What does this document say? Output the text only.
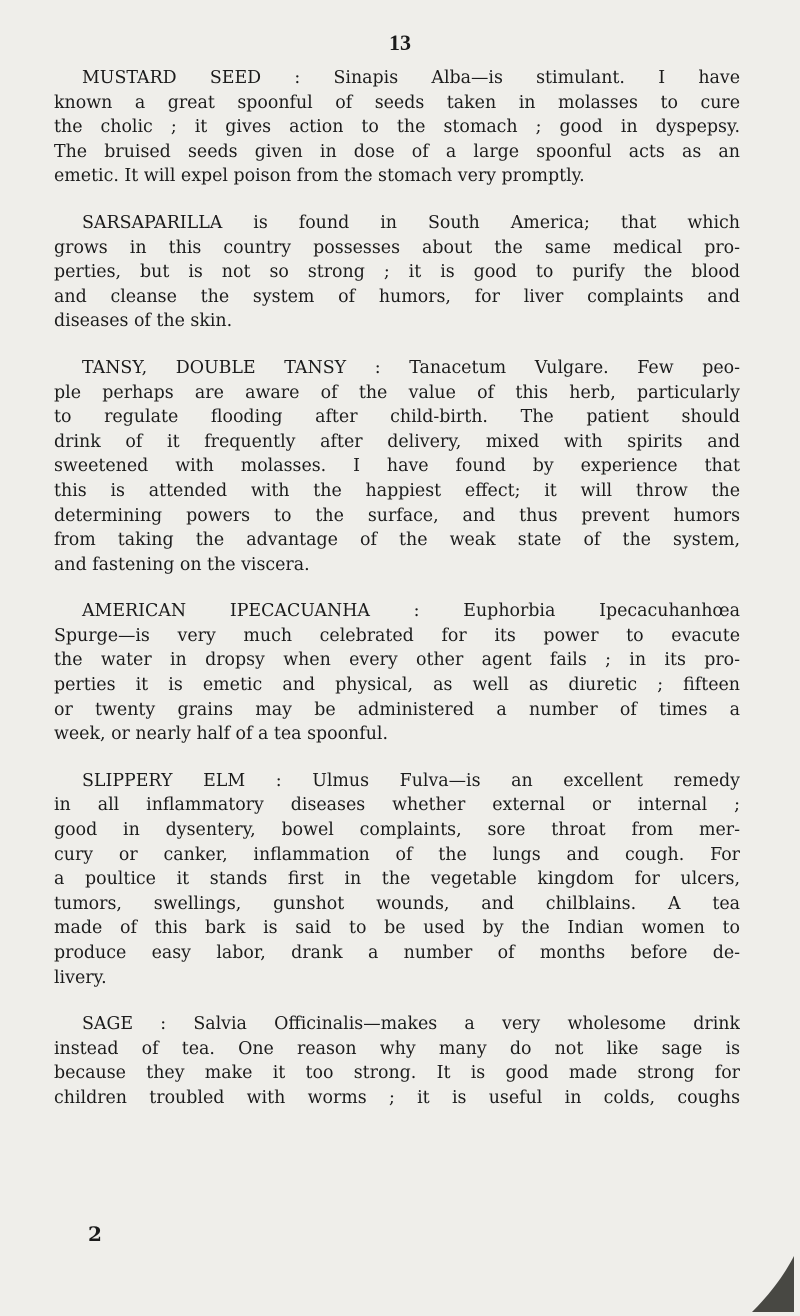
13
MUSTARD SEED : Sinapis Alba—is stimulant. I have
known a great spoonful of seeds taken in molasses to cure
the cholic ; it gives action to the stomach ; good in dyspepsy.
The bruised seeds given in dose of a large spoonful acts as an
emetic. It will expel poison from the stomach very promptly.
SARSAPARILLA is found in South America; that which
grows in this country possesses about the same medical pro-
perties, but is not so strong ; it is good to purify the blood
and cleanse the system of humors, for liver complaints and
diseases of the skin.
TANSY, DOUBLE TANSY : Tanacetum Vulgare. Few peo-
ple perhaps are aware of the value of this herb, particularly
to regulate flooding after child-birth. The patient should
drink of it frequently after delivery, mixed with spirits and
sweetened with molasses. I have found by experience that
this is attended with the happiest effect; it will throw the
determining powers to the surface, and thus prevent humors
from taking the advantage of the weak state of the system,
and fastening on the viscera.
AMERICAN IPECACUANHA : Euphorbia Ipecacuhanhœa
Spurge—is very much celebrated for its power to evacute
the water in dropsy when every other agent fails ; in its pro-
perties it is emetic and physical, as well as diuretic ; fifteen
or twenty grains may be administered a number of times a
week, or nearly half of a tea spoonful.
SLIPPERY ELM : Ulmus Fulva—is an excellent remedy
in all inflammatory diseases whether external or internal ;
good in dysentery, bowel complaints, sore throat from mer-
cury or canker, inflammation of the lungs and cough. For
a poultice it stands first in the vegetable kingdom for ulcers,
tumors, swellings, gunshot wounds, and chilblains. A tea
made of this bark is said to be used by the Indian women to
produce easy labor, drank a number of months before de-
livery.
SAGE : Salvia Officinalis—makes a very wholesome drink
instead of tea. One reason why many do not like sage is
because they make it too strong. It is good made strong for
children troubled with worms ; it is useful in colds, coughs
2
